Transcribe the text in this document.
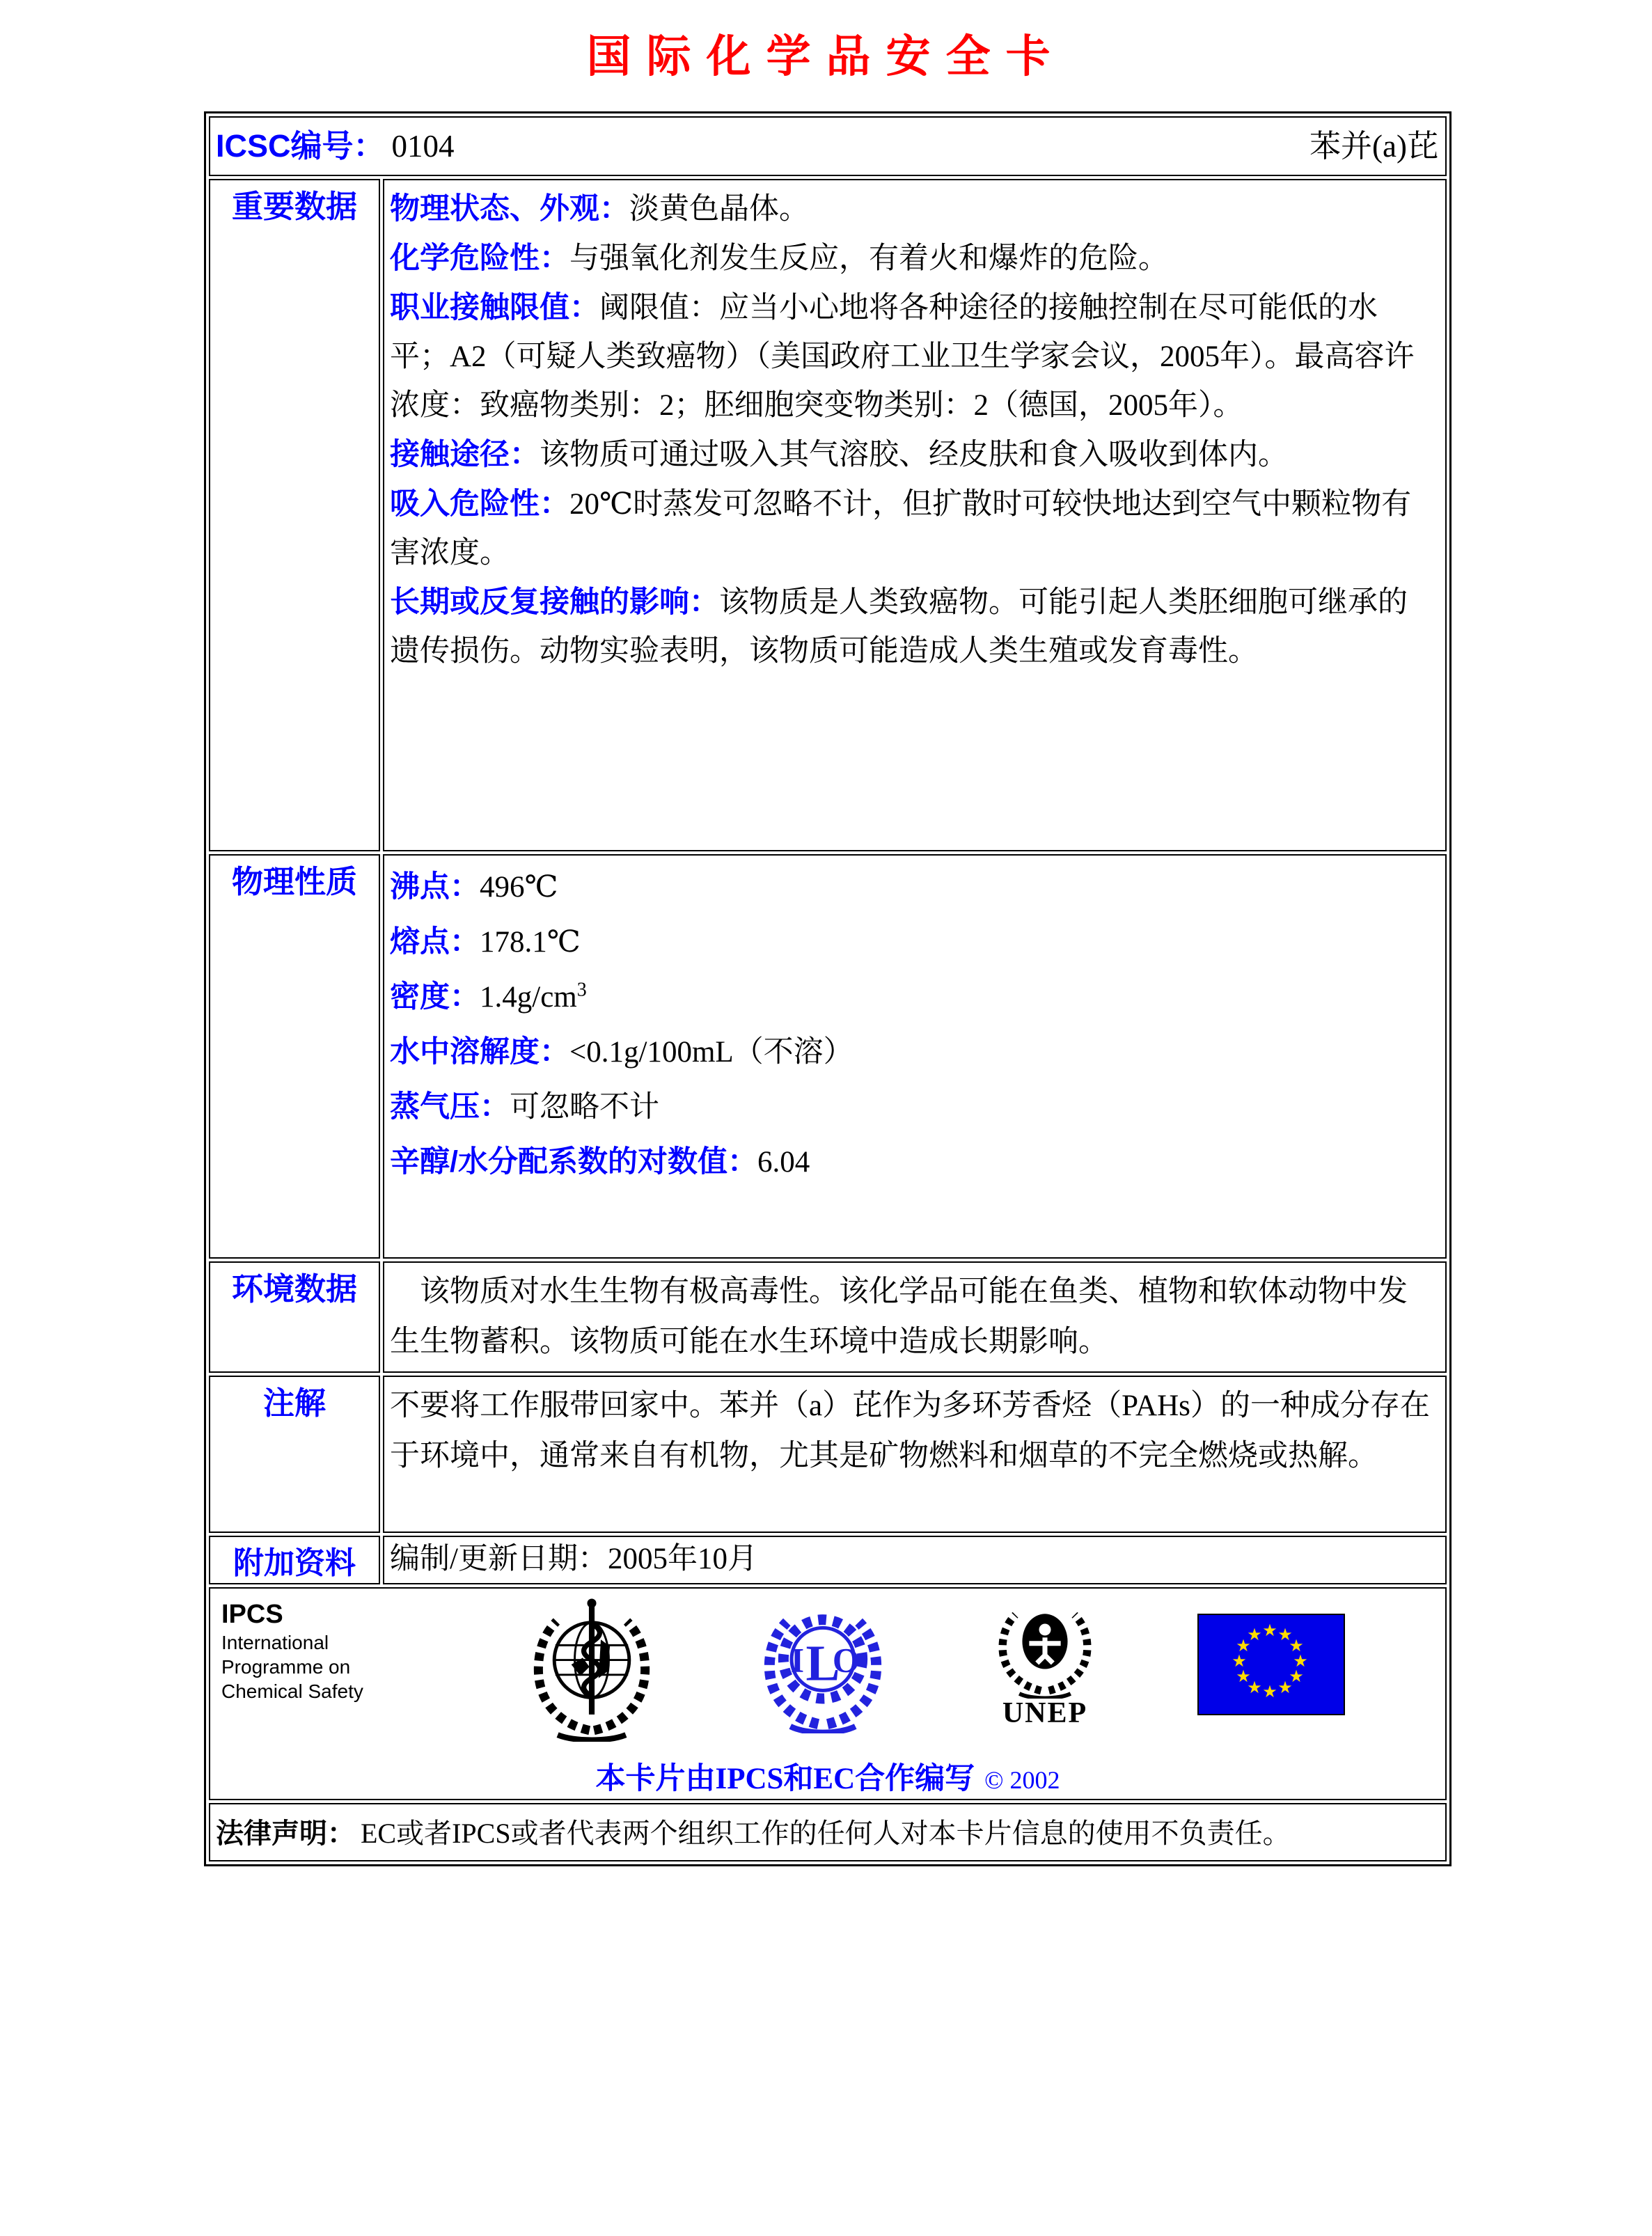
国际化学品安全卡
ICSC编号： 0104 苯并(a)芘	

重要数据	物理状态、外观：淡黄色晶体。

化学危险性：与强氧化剂发生反应，有着火和爆炸的危险。

职业接触限值：阈限值：应当小心地将各种途径的接触控制在尽可能低的水平；A2（可疑人类致癌物）（美国政府工业卫生学家会议，2005年）。最高容许浓度：致癌物类别：2；胚细胞突变物类别：2（德国，2005年）。

接触途径：该物质可通过吸入其气溶胶、经皮肤和食入吸收到体内。

吸入危险性：20℃时蒸发可忽略不计，但扩散时可较快地达到空气中颗粒物有害浓度。

长期或反复接触的影响：该物质是人类致癌物。可能引起人类胚细胞可继承的遗传损伤。动物实验表明，该物质可能造成人类生殖或发育毒性。

物理性质	沸点：496℃

熔点：178.1℃

密度：$1.4g/cm^3$

水中溶解度：<0.1g/100mL（不溶）

蒸气压：可忽略不计

辛醇/水分配系数的对数值：6.04

环境数据	　该物质对水生生物有极高毒性。该化学品可能在鱼类、植物和软体动物中发生生物蓄积。该物质可能在水生环境中造成长期影响。

注解	不要将工作服带回家中。苯并（a）芘作为多环芳香烃（PAHs）的一种成分存在于环境中，通常来自有机物，尤其是矿物燃料和烟草的不完全燃烧或热解。

附加资料	编制/更新日期：2005年10月

IPCS
International
Programme on
Chemical Safety
I L
O
UNEP
★ ★
★
★
★
★
★
★
★
★
★
★
本卡片由IPCS和EC合作编写 © 2002

法律声明： EC或者IPCS或者代表两个组织工作的任何人对本卡片信息的使用不负责任。	
